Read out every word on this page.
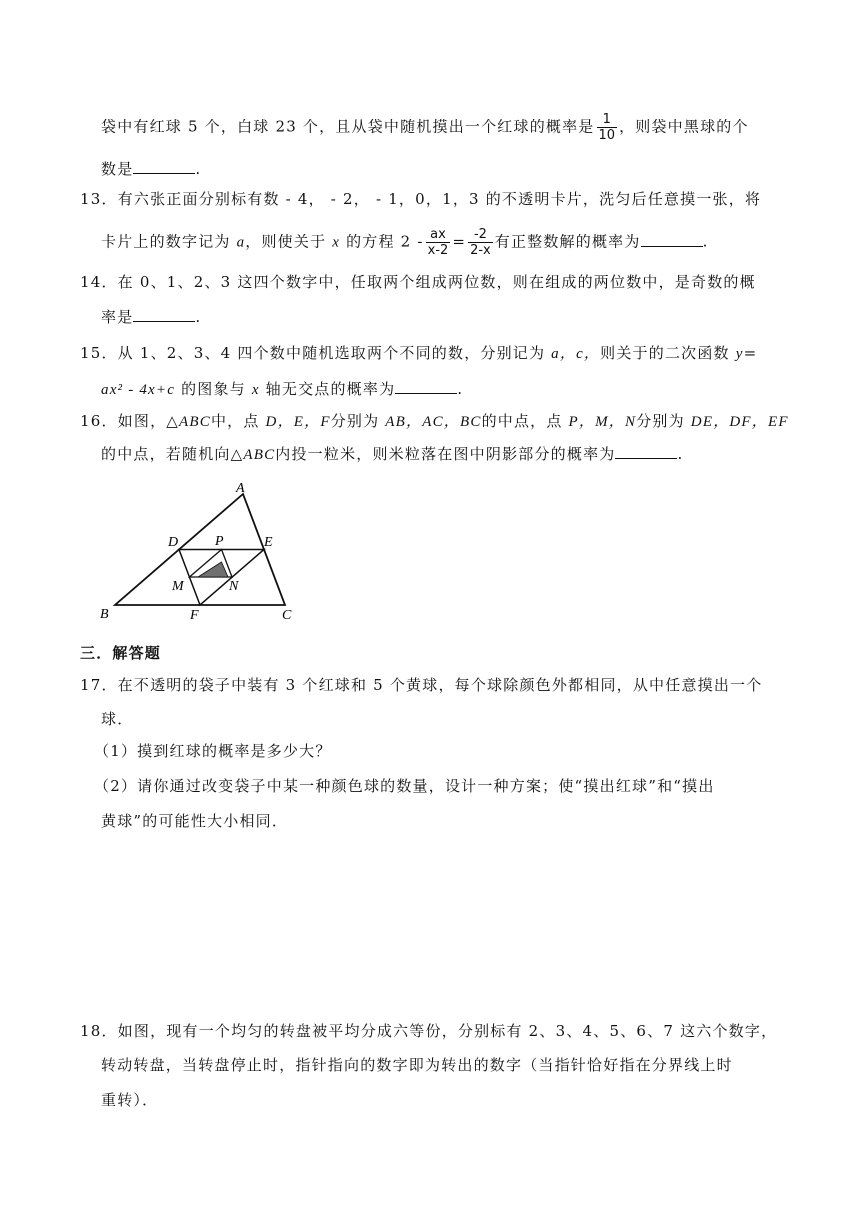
袋中有红球 5 个，白球 23 个，且从袋中随机摸出一个红球的概率是 $\frac{1}{10}$ ，则袋中黑球的个
数是	.
13．有六张正面分别标有数 - 4， - 2， - 1，0，1，3 的不透明卡片，洗匀后任意摸一张，将
卡片上的数字记为 a，则使关于 x 的方程 $2 - \frac{ax}{x-2} = \frac{-2}{2-x}$ 有正整数解的概率为	.
14．在 0、1、2、3 这四个数字中，任取两个组成两位数，则在组成的两位数中，是奇数的概
率是	.
15．从 1、2、3、4 四个数中随机选取两个不同的数，分别记为 a，c，则关于的二次函数 y=
ax² - 4x+c 的图象与 x 轴无交点的概率为	.
16．如图，△ABC中，点 D，E，F分别为 AB，AC，BC的中点，点 P，M，N分别为 DE，DF，EF
的中点，若随机向△ABC内投一粒米，则米粒落在图中阴影部分的概率为	.
A
B	C
D	E
F
P
M	N
三．解答题
17．在不透明的袋子中装有 3 个红球和 5 个黄球，每个球除颜色外都相同，从中任意摸出一个
球．
（1）摸到红球的概率是多少大？
（2）请你通过改变袋子中某一种颜色球的数量，设计一种方案；使“摸出红球”和“摸出
黄球”的可能性大小相同．
18．如图，现有一个均匀的转盘被平均分成六等份，分别标有 2、3、4、5、6、7 这六个数字，
转动转盘，当转盘停止时，指针指向的数字即为转出的数字（当指针恰好指在分界线上时
重转）．
